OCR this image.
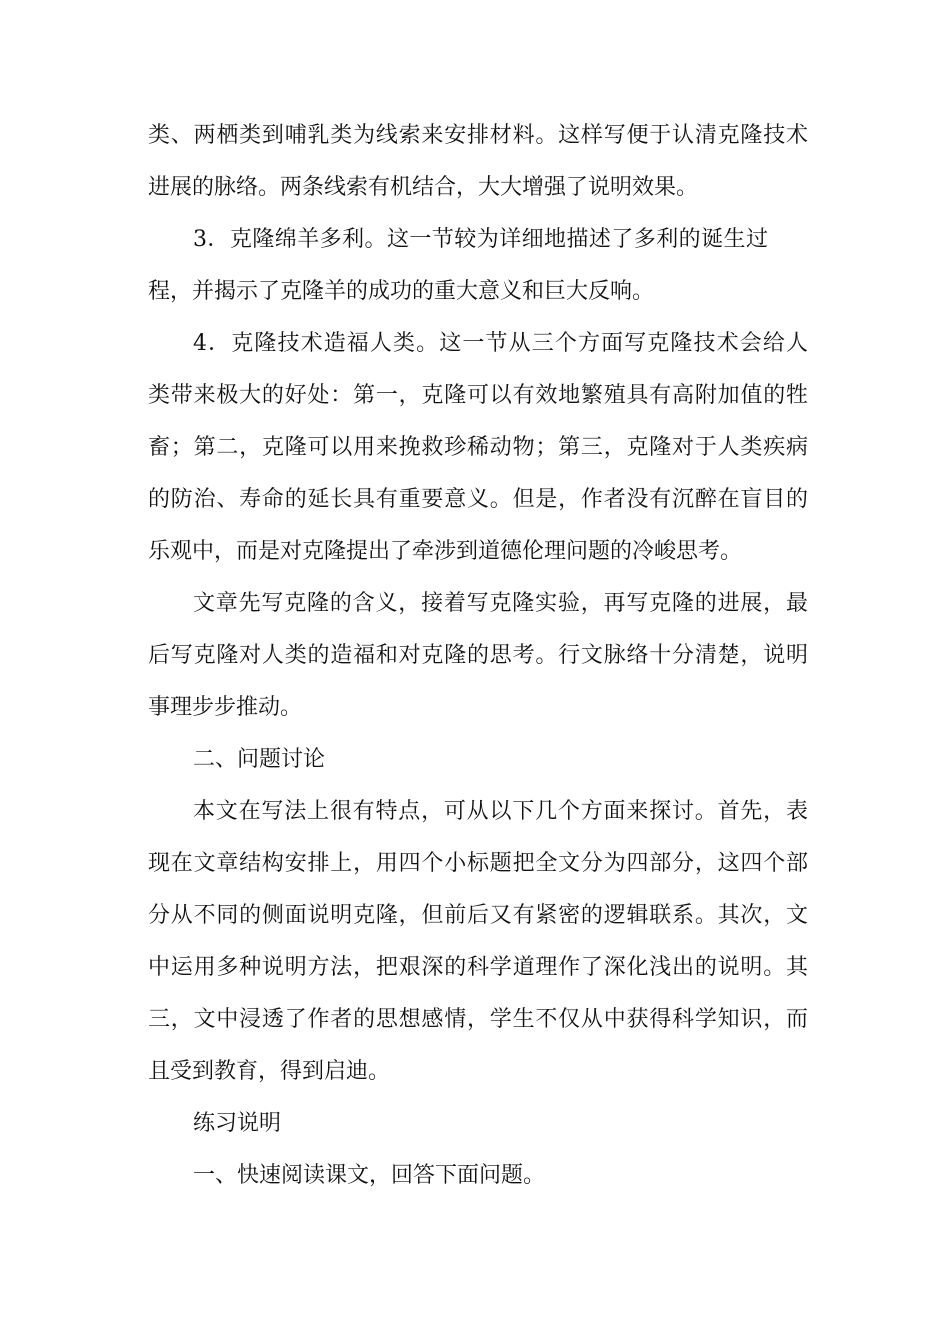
类、两栖类到哺乳类为线索来安排材料。这样写便于认清克隆技术
进展的脉络。两条线索有机结合，大大增强了说明效果。
3．克隆绵羊多利。这一节较为详细地描述了多利的诞生过
程，并揭示了克隆羊的成功的重大意义和巨大反响。
4．克隆技术造福人类。这一节从三个方面写克隆技术会给人
类带来极大的好处：第一，克隆可以有效地繁殖具有高附加值的牲
畜；第二，克隆可以用来挽救珍稀动物；第三，克隆对于人类疾病
的防治、寿命的延长具有重要意义。但是，作者没有沉醉在盲目的
乐观中，而是对克隆提出了牵涉到道德伦理问题的冷峻思考。
文章先写克隆的含义，接着写克隆实验，再写克隆的进展，最
后写克隆对人类的造福和对克隆的思考。行文脉络十分清楚，说明
事理步步推动。
二、问题讨论
本文在写法上很有特点，可从以下几个方面来探讨。首先，表
现在文章结构安排上，用四个小标题把全文分为四部分，这四个部
分从不同的侧面说明克隆，但前后又有紧密的逻辑联系。其次，文
中运用多种说明方法，把艰深的科学道理作了深化浅出的说明。其
三，文中浸透了作者的思想感情，学生不仅从中获得科学知识，而
且受到教育，得到启迪。
练习说明
一、快速阅读课文，回答下面问题。
